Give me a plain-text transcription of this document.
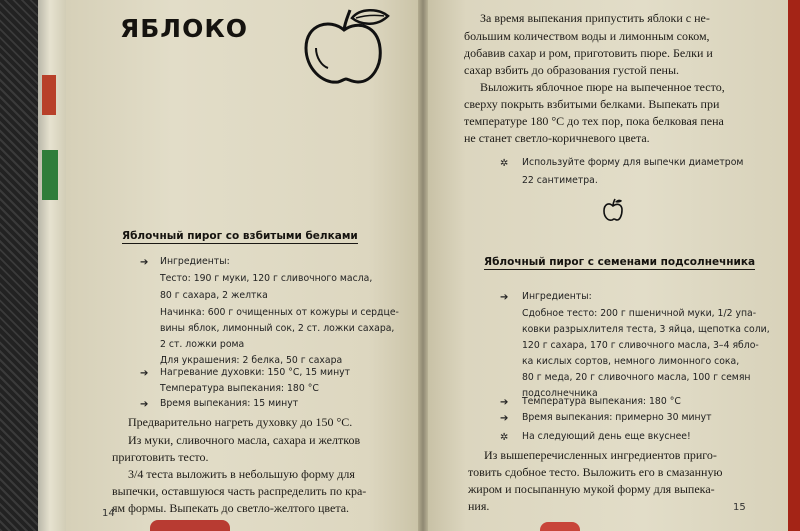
ЯБЛОКО
Яблочный пирог со взбитыми белками
➔ Ингредиенты:
Тесто: 190 г муки, 120 г сливочного масла,
80 г сахара, 2 желтка
Начинка: 600 г очищенных от кожуры и сердце-
вины яблок, лимонный сок, 2 ст. ложки сахара,
2 ст. ложки рома
Для украшения: 2 белка, 50 г сахара
➔ Нагревание духовки: 150 °С, 15 минут
Температура выпекания: 180 °С
➔ Время выпекания: 15 минут
Предварительно нагреть духовку до 150 °С.
Из муки, сливочного масла, сахара и желтков
приготовить тесто.
3/4 теста выложить в небольшую форму для
выпечки, оставшуюся часть распределить по кра-
ям формы. Выпекать до светло-желтого цвета.
14
За время выпекания припустить яблоки с не-
большим количеством воды и лимонным соком,
добавив сахар и ром, приготовить пюре. Белки и
сахар взбить до образования густой пены.
Выложить яблочное пюре на выпеченное тесто,
сверху покрыть взбитыми белками. Выпекать при
температуре 180 °С до тех пор, пока белковая пена
не станет светло-коричневого цвета.
✲ Используйте форму для выпечки диаметром
22 сантиметра.
Яблочный пирог с семенами подсолнечника
➔ Ингредиенты:
Сдобное тесто: 200 г пшеничной муки, 1/2 упа-
ковки разрыхлителя теста, 3 яйца, щепотка соли,
120 г сахара, 170 г сливочного масла, 3–4 ябло-
ка кислых сортов, немного лимонного сока,
80 г меда, 20 г сливочного масла, 100 г семян
подсолнечника
➔ Температура выпекания: 180 °С
➔ Время выпекания: примерно 30 минут
✲ На следующий день еще вкуснее!
Из вышеперечисленных ингредиентов приго-
товить сдобное тесто. Выложить его в смазанную
жиром и посыпанную мукой форму для выпека-
ния.	15
